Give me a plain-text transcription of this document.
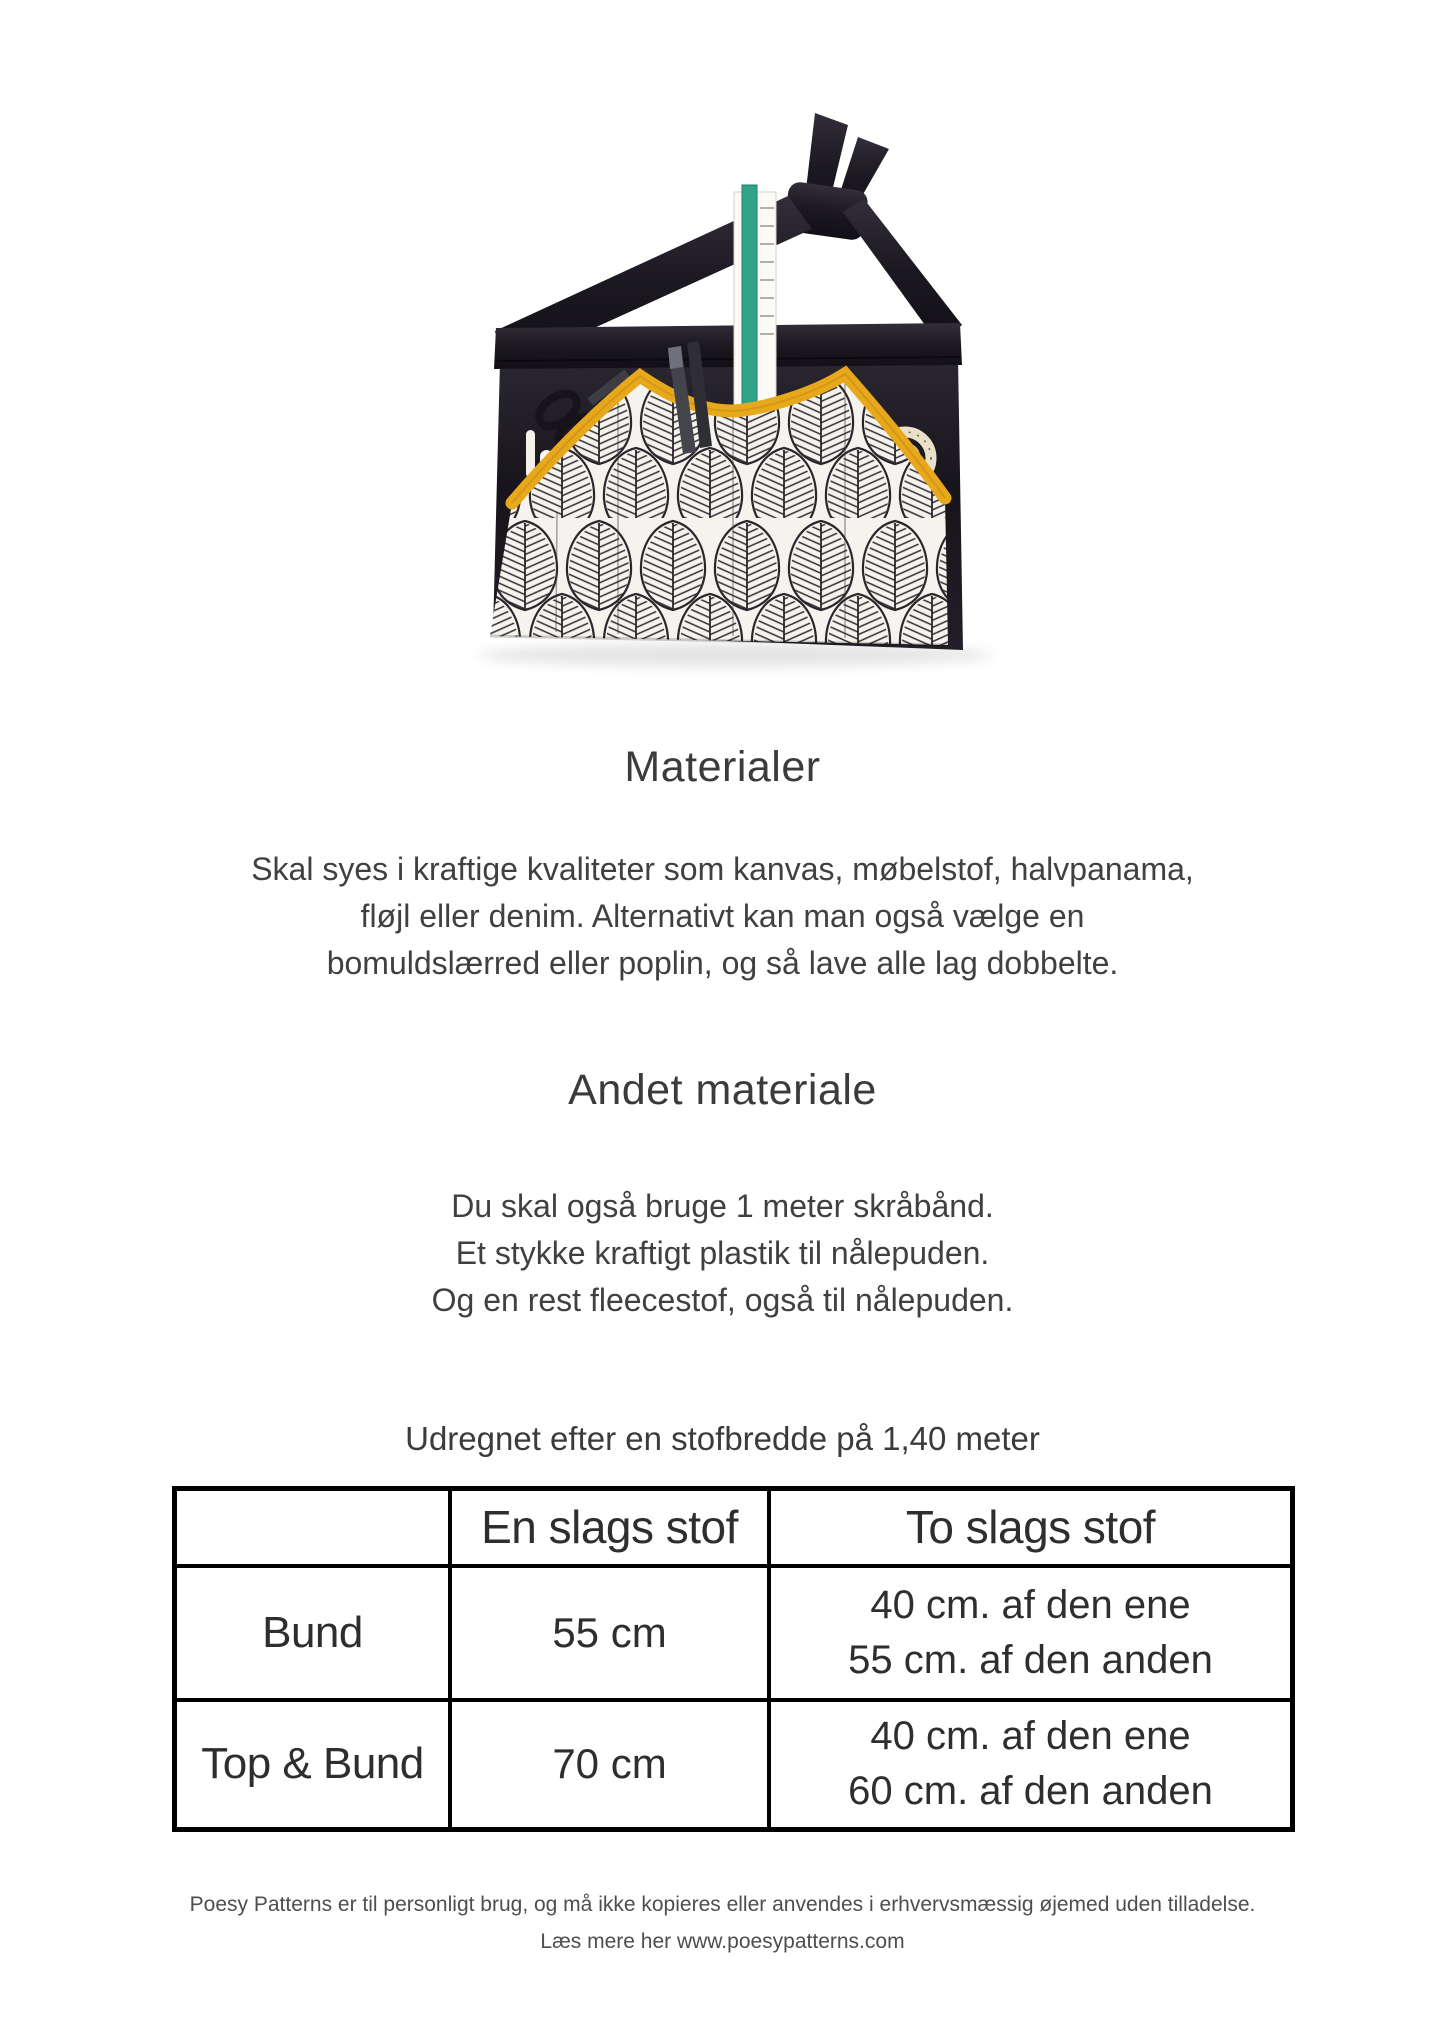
Materialer
Skal syes i kraftige kvaliteter som kanvas, møbelstof, halvpanama,
fløjl eller denim. Alternativt kan man også vælge en
bomuldslærred eller poplin, og så lave alle lag dobbelte.
Andet materiale
Du skal også bruge 1 meter skråbånd.
Et stykke kraftigt plastik til nålepuden.
Og en rest fleecestof, også til nålepuden.
Udregnet efter en stofbredde på 1,40 meter
	En slags stof	To slags stof
Bund	55 cm	40 cm. af den ene
55 cm. af den anden

Top & Bund	70 cm	40 cm. af den ene
60 cm. af den anden
Poesy Patterns er til personligt brug, og må ikke kopieres eller anvendes i erhvervsmæssig øjemed uden tilladelse.
Læs mere her www.poesypatterns.com
